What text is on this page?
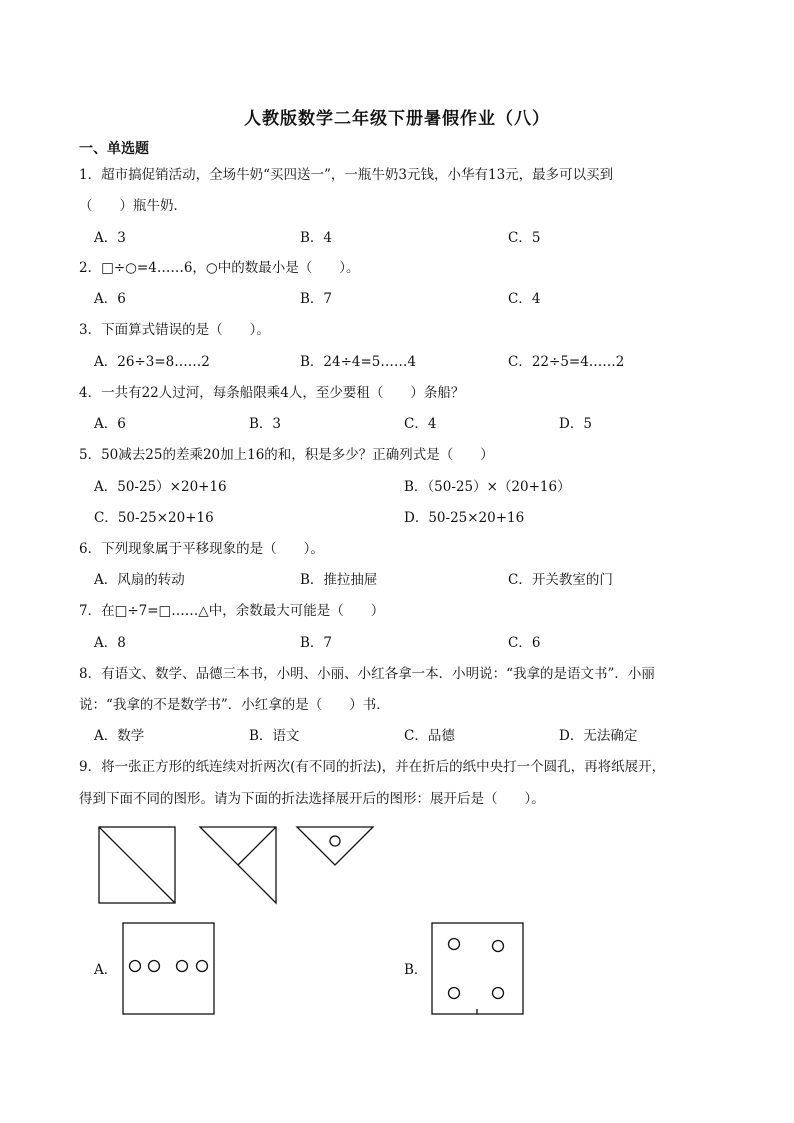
人教版数学二年级下册暑假作业（八）
一、单选题
1．超市搞促销活动，全场牛奶“买四送一”，一瓶牛奶3元钱，小华有13元，最多可以买到
（　　）瓶牛奶．
A．3	B．4	C．5
2．□÷○=4……6，○中的数最小是（　　）。
A．6	B．7	C．4
3．下面算式错误的是（　　）。
A．26÷3=8……2	B．24÷4=5……4	C．22÷5=4……2
4．一共有22人过河，每条船限乘4人，至少要租（　　）条船？
A．6	B．3	C．4	D．5
5．50减去25的差乘20加上16的和，积是多少？正确列式是（　　）
A．50-25）×20+16	B．（50-25）×（20+16）
C．50-25×20+16	D．50-25×20+16
6．下列现象属于平移现象的是（　　）。
A．风扇的转动	B．推拉抽屉	C．开关教室的门
7．在□÷7=□……△中，余数最大可能是（　　）
A．8	B．7	C．6
8．有语文、数学、品德三本书，小明、小丽、小红各拿一本．小明说：“我拿的是语文书”．小丽
说：“我拿的不是数学书”．小红拿的是（　　）书．
A．数学	B．语文	C．品德	D．无法确定
9．将一张正方形的纸连续对折两次(有不同的折法)，并在折后的纸中央打一个圆孔，再将纸展开，
得到下面不同的图形。请为下面的折法选择展开后的图形：展开后是（　　）。
A．	B．
